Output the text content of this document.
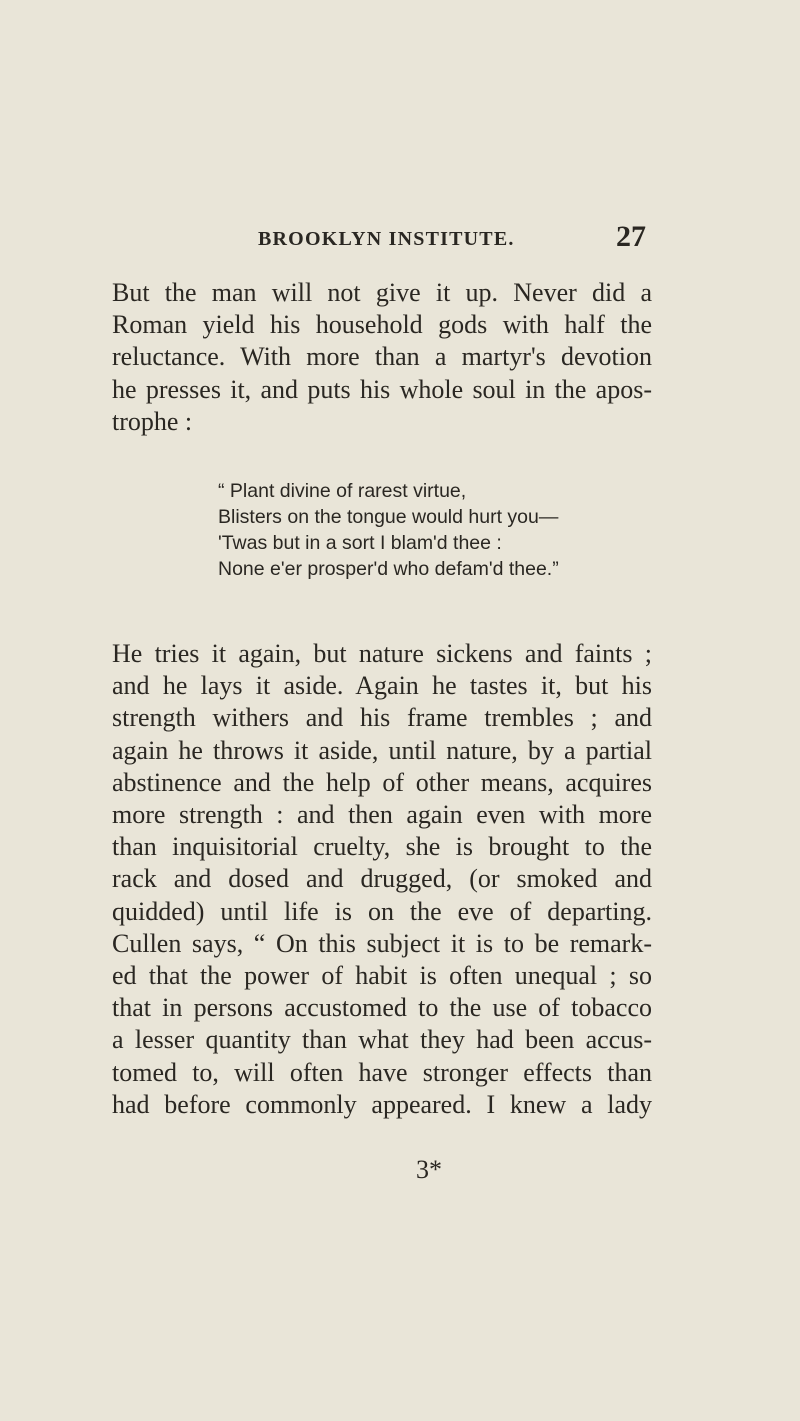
BROOKLYN INSTITUTE.	27
But the man will not give it up. Never did a
Roman yield his household gods with half the
reluctance. With more than a martyr's devotion
he presses it, and puts his whole soul in the apos-
trophe :
“ Plant divine of rarest virtue,
Blisters on the tongue would hurt you—
'Twas but in a sort I blam'd thee :
None e'er prosper'd who defam'd thee.”
He tries it again, but nature sickens and faints ;
and he lays it aside. Again he tastes it, but his
strength withers and his frame trembles ; and
again he throws it aside, until nature, by a partial
abstinence and the help of other means, acquires
more strength : and then again even with more
than inquisitorial cruelty, she is brought to the
rack and dosed and drugged, (or smoked and
quidded) until life is on the eve of departing.
Cullen says, “ On this subject it is to be remark-
ed that the power of habit is often unequal ; so
that in persons accustomed to the use of tobacco
a lesser quantity than what they had been accus-
tomed to, will often have stronger effects than
had before commonly appeared. I knew a lady
3*
